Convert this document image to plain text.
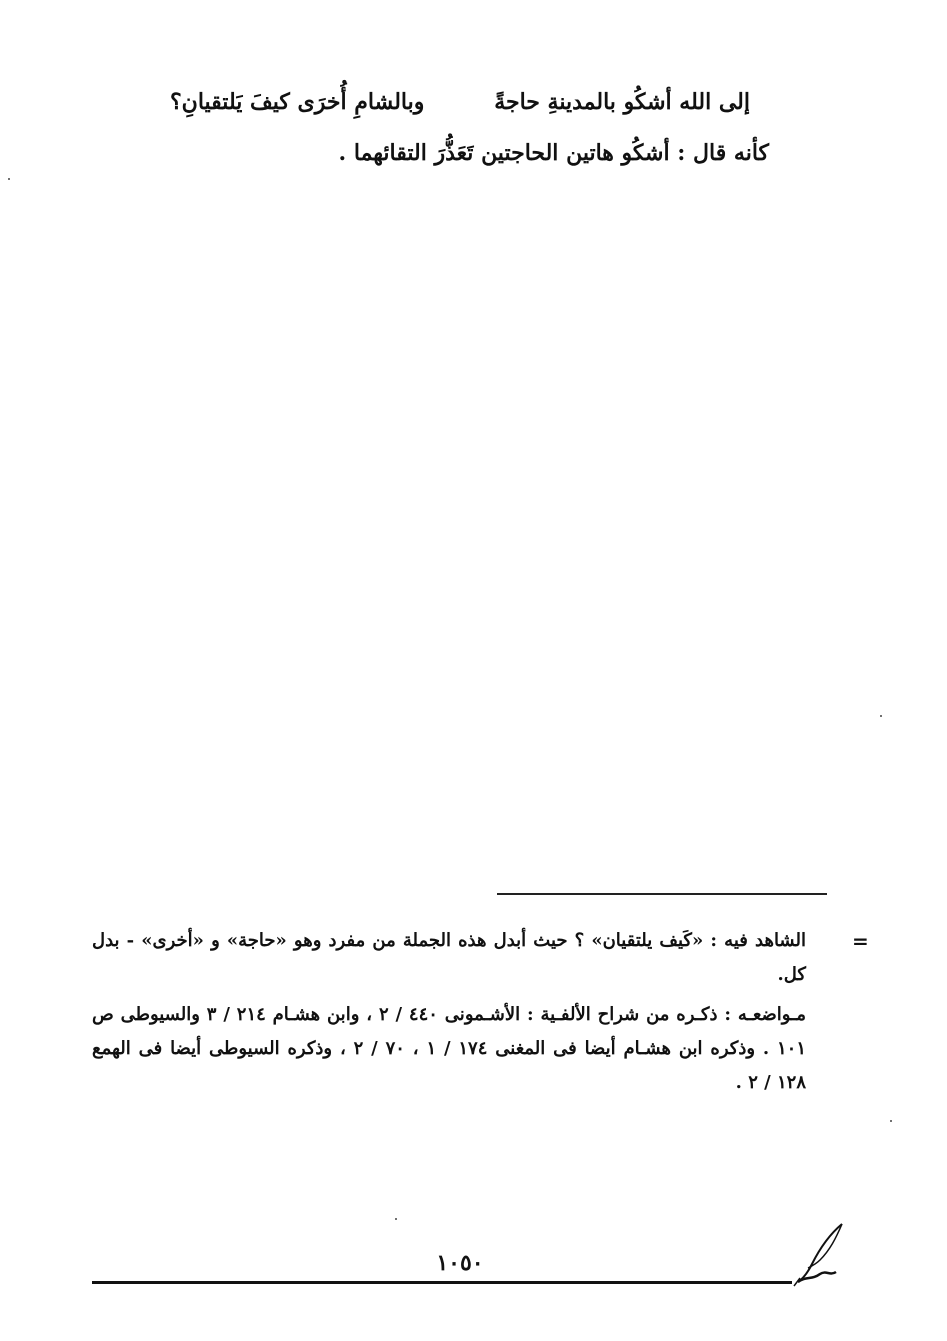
إلى الله أشكُو بالمدينةِ حاجةً
وبالشامِ أُخرَى كيفَ يَلتقيانِ؟
كأنه قال : أشكُو هاتين الحاجتين تَعَذُّرَ التقائهما .
=

الشاهد فيه : «كَيف يلتقيان» ؟ حيث أبدل هذه الجملة من مفرد وهو «حاجة» و «أخرى» - بدل كل.

مـواضعـه : ذكـره من شراح الألفـية : الأشـمونى ٤٤٠ / ٢ ، وابن هشـام ٢١٤ / ٣ والسيوطى ص ١٠١ . وذكره ابن هشـام أيضا فى المغنى ١٧٤ / ١ ، ٧٠ / ٢ ، وذكره السيوطى أيضا فى الهمع ١٢٨ / ٢ .

١٠٥٠
